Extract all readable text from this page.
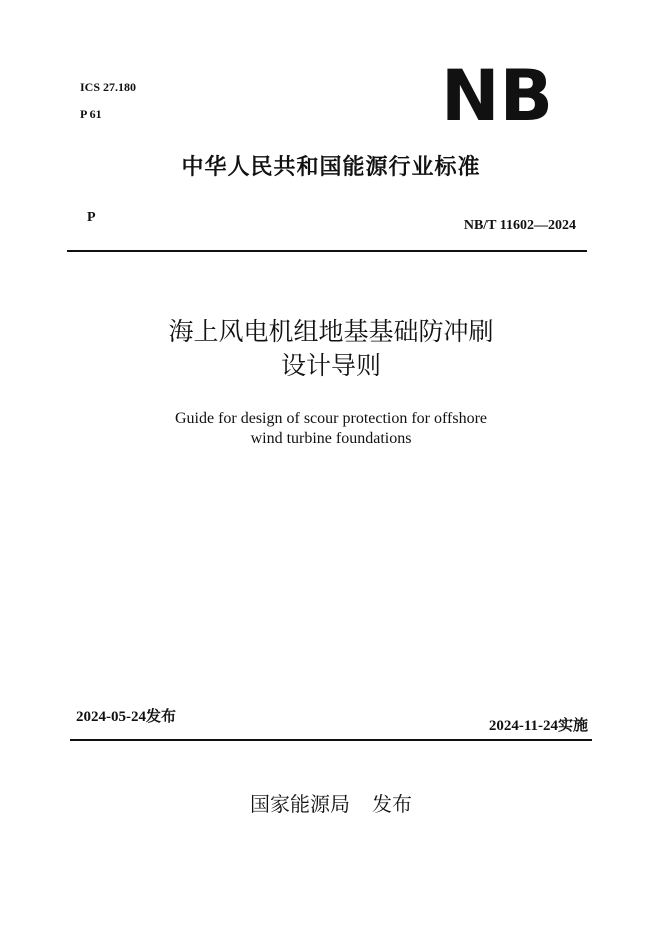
ICS 27.180
P 61	NB
中华人民共和国能源行业标准
P
NB/T 11602—2024
海上风电机组地基基础防冲刷
设计导则
Guide for design of scour protection for offshore
wind turbine foundations
2024-05-24发布
2024-11-24实施
国家能源局 发布
